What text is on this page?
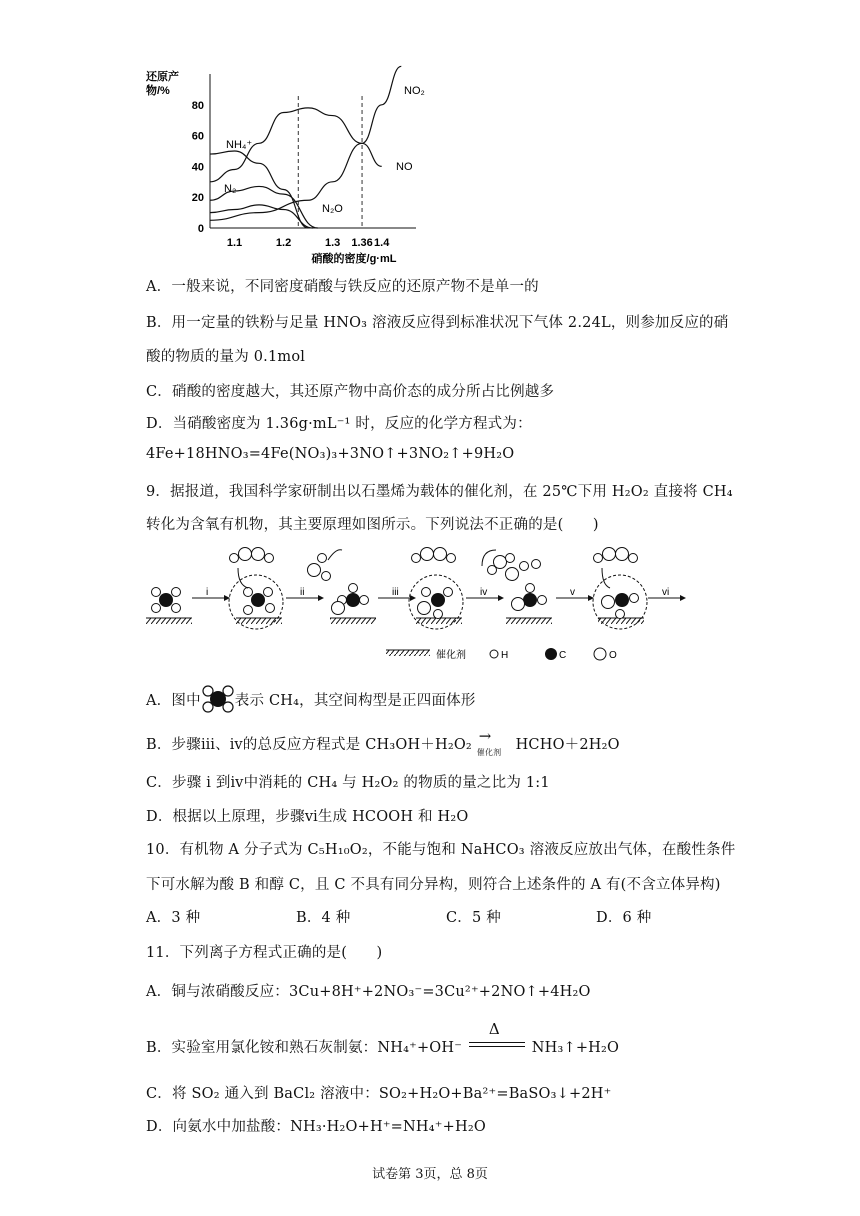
还原产
物/%
80
60
40
20
0
1.1	1.2	1.3 1.36 1.4
硝酸的密度/g·mL
NO₂
NO
NH₄⁺
N₂
N₂O
A．一般来说，不同密度硝酸与铁反应的还原产物不是单一的
B．用一定量的铁粉与足量 HNO₃ 溶液反应得到标准状况下气体 2.24L，则参加反应的硝
酸的物质的量为 0.1mol
C．硝酸的密度越大，其还原产物中高价态的成分所占比例越多
D．当硝酸密度为 1.36g·mL⁻¹ 时，反应的化学方程式为：
4Fe+18HNO₃=4Fe(NO₃)₃+3NO↑+3NO₂↑+9H₂O
9．据报道，我国科学家研制出以石墨烯为载体的催化剂，在 25℃下用 H₂O₂ 直接将 CH₄
转化为含氧有机物，其主要原理如图所示。下列说法不正确的是(　　)
i	ii	iii	iv	v	vi
催化剂	H	C	O
A．图中 表示 CH₄，其空间构型是正四面体形
B．步骤ⅲ、ⅳ的总反应方程式是 CH₃OH＋H₂O₂ →
催化剂 HCHO＋2H₂O
C．步骤 i 到ⅳ中消耗的 CH₄ 与 H₂O₂ 的物质的量之比为 1:1
D．根据以上原理，步骤ⅵ生成 HCOOH 和 H₂O
10．有机物 A 分子式为 C₅H₁₀O₂，不能与饱和 NaHCO₃ 溶液反应放出气体，在酸性条件
下可水解为酸 B 和醇 C，且 C 不具有同分异构，则符合上述条件的 A 有(不含立体异构)
A．3 种	B．4 种	C．5 种	D．6 种
11．下列离子方程式正确的是(　　)
A．铜与浓硝酸反应：3Cu+8H⁺+2NO₃⁻=3Cu²⁺+2NO↑+4H₂O
B．实验室用氯化铵和熟石灰制氨：NH₄⁺+OH⁻
Δ
NH₃↑+H₂O
C．将 SO₂ 通入到 BaCl₂ 溶液中：SO₂+H₂O+Ba²⁺=BaSO₃↓+2H⁺
D．向氨水中加盐酸：NH₃·H₂O+H⁺=NH₄⁺+H₂O
试卷第 3页，总 8页
